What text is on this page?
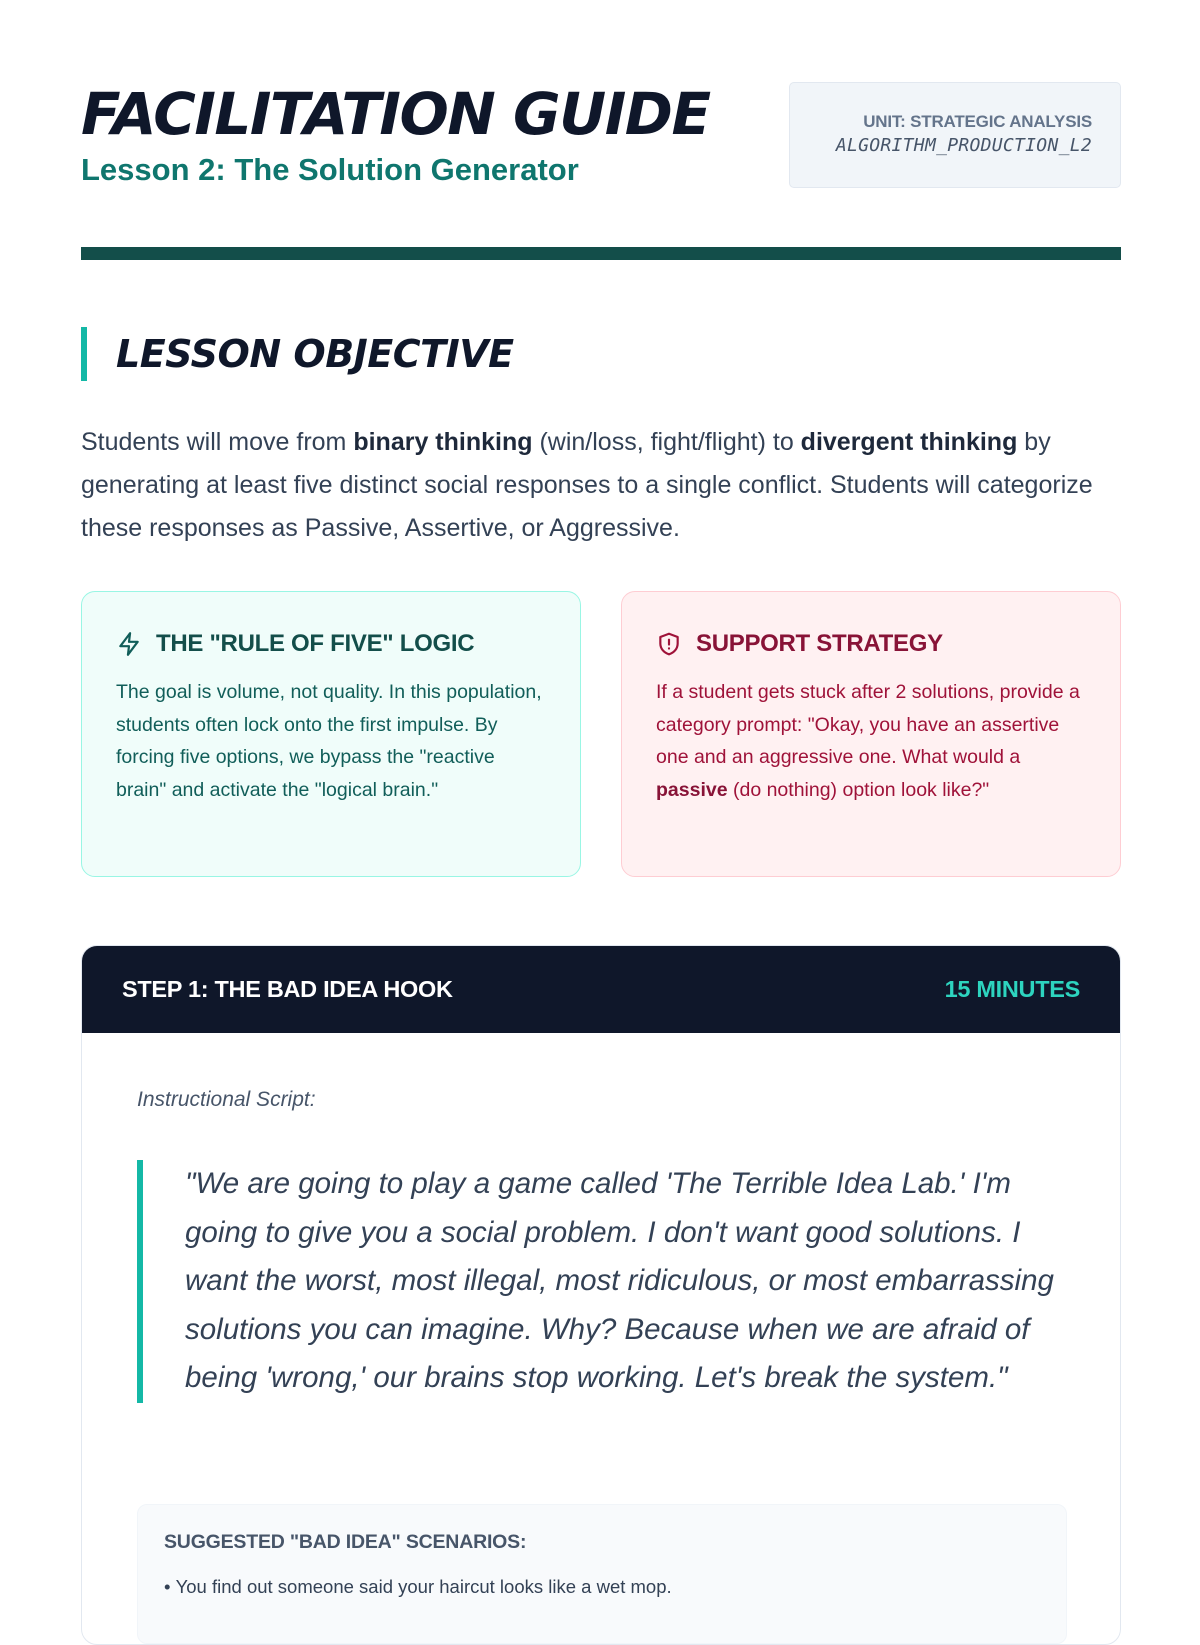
FACILITATION GUIDE
Lesson 2: The Solution Generator
UNIT: STRATEGIC ANALYSIS
ALGORITHM_PRODUCTION_L2
LESSON OBJECTIVE
Students will move from binary thinking (win/loss, fight/flight) to divergent thinking by generating at least five distinct social responses to a single conflict. Students will categorize these responses as Passive, Assertive, or Aggressive.
THE "RULE OF FIVE" LOGIC
The goal is volume, not quality. In this population, students often lock onto the first impulse. By forcing five options, we bypass the "reactive brain" and activate the "logical brain."
SUPPORT STRATEGY
If a student gets stuck after 2 solutions, provide a category prompt: "Okay, you have an assertive one and an aggressive one. What would a passive (do nothing) option look like?"
STEP 1: THE BAD IDEA HOOK	15 MINUTES
Instructional Script:
"We are going to play a game called 'The Terrible Idea Lab.' I'm going to give you a social problem. I don't want good solutions. I want the worst, most illegal, most ridiculous, or most embarrassing solutions you can imagine. Why? Because when we are afraid of being 'wrong,' our brains stop working. Let's break the system."
SUGGESTED "BAD IDEA" SCENARIOS:
• You find out someone said your haircut looks like a wet mop.
